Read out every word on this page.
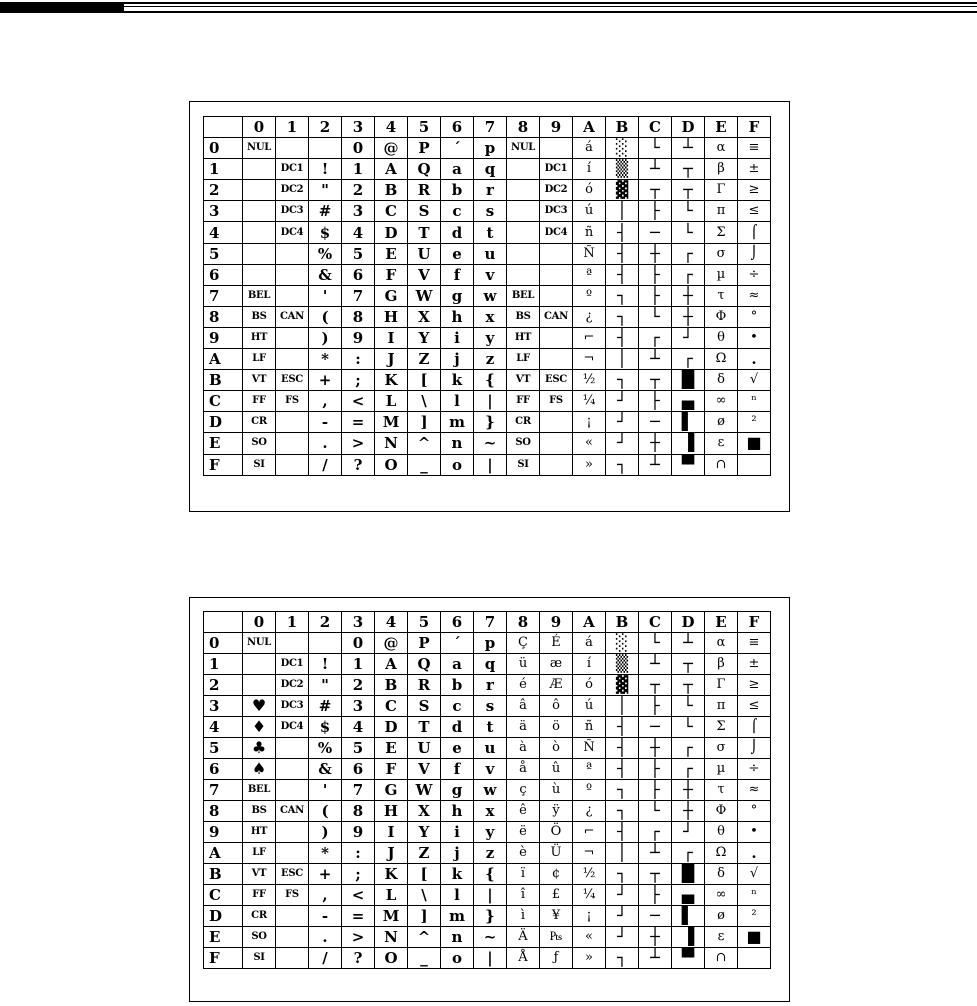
	0	1	2	3	4	5	6	7	8	9	A	B	C	D	E	F
0	NUL			0	@	P	´	p	NUL		á	░	└	┴	α	≡
1		DC1	!	1	A	Q	a	q		DC1	í	▒	┴	┬	β	±
2		DC2	"	2	B	R	b	r		DC2	ó	▓	┬	┬	Γ	≥
3		DC3	#	3	C	S	c	s		DC3	ú	│	├	└	π	≤
4		DC4	$	4	D	T	d	t		DC4	ñ	┤	─	└	Σ	⌠
5			%	5	E	U	e	u			Ñ	┤	┼	┌	σ	⌡
6			&	6	F	V	f	v			ª	┤	├	┌	µ	÷
7	BEL		'	7	G	W	g	w	BEL		º	┐	├	┼	τ	≈
8	BS	CAN	(	8	H	X	h	x	BS	CAN	¿	┐	└	┼	Φ	°
9	HT		)	9	I	Y	i	y	HT		⌐	┤	┌	┘	θ	•
A	LF		*	:	J	Z	j	z	LF		¬	│	┴	┌	Ω	.
B	VT	ESC	+	;	K	[	k	{	VT	ESC	½	┐	┬	█	δ	√
C	FF	FS	,	<	L	\	l	|	FF	FS	¼	┘	├	▄	∞	ⁿ
D	CR		-	=	M	]	m	}	CR		¡	┘	─	▌	ø	²
E	SO		.	>	N	^	n	~	SO		«	┘	┼	▐	ε	■
F	SI		/	?	O	_	o	|	SI		»	┐	┴	▀	∩	
	0	1	2	3	4	5	6	7	8	9	A	B	C	D	E	F
0	NUL			0	@	P	´	p	Ç	É	á	░	└	┴	α	≡
1		DC1	!	1	A	Q	a	q	ü	æ	í	▒	┴	┬	β	±
2		DC2	"	2	B	R	b	r	é	Æ	ó	▓	┬	┬	Γ	≥
3	♥	DC3	#	3	C	S	c	s	â	ô	ú	│	├	└	π	≤
4	♦	DC4	$	4	D	T	d	t	ä	ö	ñ	┤	─	└	Σ	⌠
5	♣		%	5	E	U	e	u	à	ò	Ñ	┤	┼	┌	σ	⌡
6	♠		&	6	F	V	f	v	å	û	ª	┤	├	┌	µ	÷
7	BEL		'	7	G	W	g	w	ç	ù	º	┐	├	┼	τ	≈
8	BS	CAN	(	8	H	X	h	x	ê	ÿ	¿	┐	└	┼	Φ	°
9	HT		)	9	I	Y	i	y	ë	Ö	⌐	┤	┌	┘	θ	•
A	LF		*	:	J	Z	j	z	è	Ü	¬	│	┴	┌	Ω	.
B	VT	ESC	+	;	K	[	k	{	ï	¢	½	┐	┬	█	δ	√
C	FF	FS	,	<	L	\	l	|	î	£	¼	┘	├	▄	∞	ⁿ
D	CR		-	=	M	]	m	}	ì	¥	¡	┘	─	▌	ø	²
E	SO		.	>	N	^	n	~	Ä	₧	«	┘	┼	▐	ε	■
F	SI		/	?	O	_	o	|	Å	ƒ	»	┐	┴	▀	∩	
